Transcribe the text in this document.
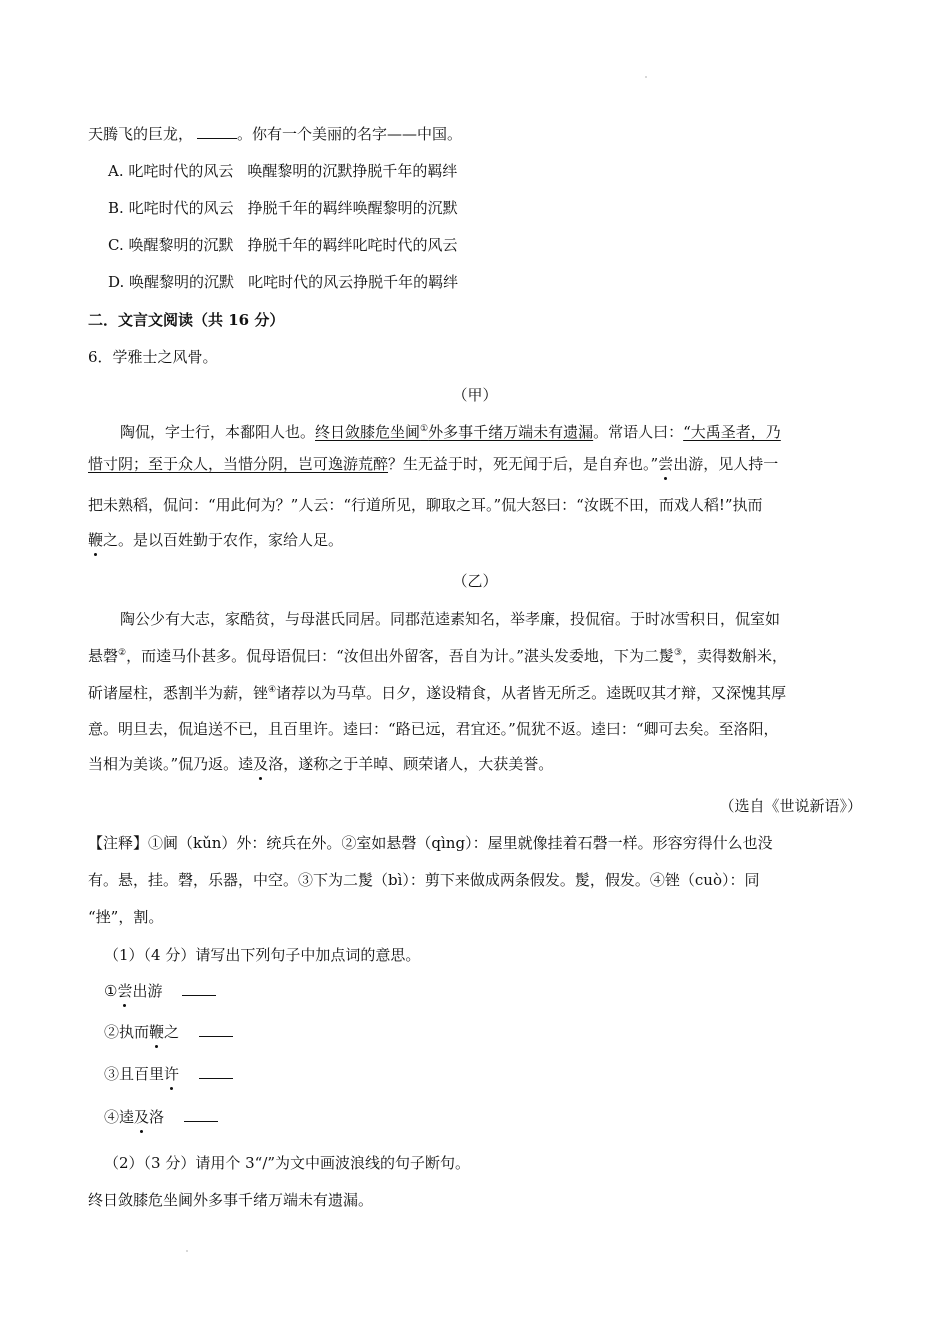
天腾飞的巨龙，	。你有一个美丽的名字——中国。
A. 叱咤时代的风云 唤醒黎明的沉默挣脱千年的羁绊
B. 叱咤时代的风云 挣脱千年的羁绊唤醒黎明的沉默
C. 唤醒黎明的沉默 挣脱千年的羁绊叱咤时代的风云
D. 唤醒黎明的沉默 叱咤时代的风云挣脱千年的羁绊
二．文言文阅读（共 16 分）
6．学雅士之风骨。
（甲）
陶侃，字士行，本鄱阳人也。终日敛膝危坐阃①外多事千绪万端未有遗漏。常语人曰：“大禹圣者，乃
惜寸阴；至于众人，当惜分阴，岂可逸游荒醉？生无益于时，死无闻于后，是自弃也。”尝出游，见人持一
把未熟稻，侃问：“用此何为？”人云：“行道所见，聊取之耳。”侃大怒曰：“汝既不田，而戏人稻!”执而
鞭之。是以百姓勤于农作，家给人足。
（乙）
陶公少有大志，家酷贫，与母湛氏同居。同郡范逵素知名，举孝廉，投侃宿。于时冰雪积日，侃室如
悬磬②，而逵马仆甚多。侃母语侃曰：“汝但出外留客，吾自为计。”湛头发委地，下为二髲③，卖得数斛米，
斫诸屋柱，悉割半为薪，锉④诸荐以为马草。日夕，遂设精食，从者皆无所乏。逵既叹其才辩，又深愧其厚
意。明旦去，侃追送不已，且百里许。逵曰：“路已远，君宜还。”侃犹不返。逵曰：“卿可去矣。至洛阳，
当相为美谈。”侃乃返。逵及洛，遂称之于羊晫、顾荣诸人，大获美誉。
（选自《世说新语》）
【注释】①阃（kǔn）外：统兵在外。②室如悬磬（qìng）：屋里就像挂着石磬一样。形容穷得什么也没
有。悬，挂。磬，乐器，中空。③下为二髲（bì）：剪下来做成两条假发。髲，假发。④锉（cuò）：同
“挫”，割。
（1）（4 分）请写出下列句子中加点词的意思。
①尝出游
②执而鞭之
③且百里许
④逵及洛
（2）（3 分）请用个 3“/”为文中画波浪线的句子断句。
终日敛膝危坐阃外多事千绪万端未有遗漏。
